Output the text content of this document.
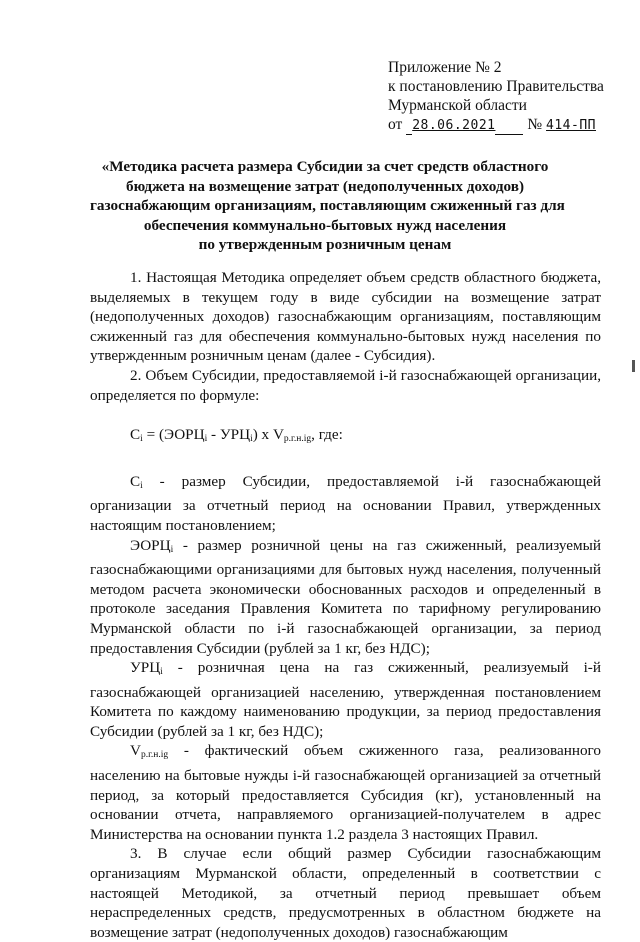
Приложение № 2
к постановлению Правительства
Мурманской области
от 28.06.2021 № 414-ПП
«Методика расчета размера Субсидии за счет средств областного
бюджета на возмещение затрат (недополученных доходов)
газоснабжающим организациям, поставляющим сжиженный газ для
обеспечения коммунально-бытовых нужд населения
по утвержденным розничным ценам

1. Настоящая Методика определяет объем средств областного бюджета, выделяемых в текущем году в виде субсидии на возмещение затрат (недополученных доходов) газоснабжающим организациям, поставляющим сжиженный газ для обеспечения коммунально-бытовых нужд населения по утвержденным розничным ценам (далее - Субсидия).

2. Объем Субсидии, предоставляемой i-й газоснабжающей организации, определяется по формуле:

$C_i$ = $(ЭОРЦ_i - УРЦ_i)$ х $V_{р.г.н.ig}$, где:

$C_i$ - размер Субсидии, предоставляемой i-й газоснабжающей организации за отчетный период на основании Правил, утвержденных настоящим постановлением;

$ЭОРЦ_i$ - размер розничной цены на газ сжиженный, реализуемый газоснабжающими организациями для бытовых нужд населения, полученный методом расчета экономически обоснованных расходов и определенный в протоколе заседания Правления Комитета по тарифному регулированию Мурманской области по i-й газоснабжающей организации, за период предоставления Субсидии (рублей за 1 кг, без НДС);

$УРЦ_i$ - розничная цена на газ сжиженный, реализуемый i-й газоснабжающей организацией населению, утвержденная постановлением Комитета по каждому наименованию продукции, за период предоставления Субсидии (рублей за 1 кг, без НДС);

$V_{р.г.н.ig}$ - фактический объем сжиженного газа, реализованного населению на бытовые нужды i-й газоснабжающей организацией за отчетный период, за который предоставляется Субсидия (кг), установленный на основании отчета, направляемого организацией-получателем в адрес Министерства на основании пункта 1.2 раздела 3 настоящих Правил.

3. В случае если общий размер Субсидии газоснабжающим организациям Мурманской области, определенный в соответствии с настоящей Методикой, за отчетный период превышает объем нераспределенных средств, предусмотренных в областном бюджете на возмещение затрат (недополученных доходов) газоснабжающим
